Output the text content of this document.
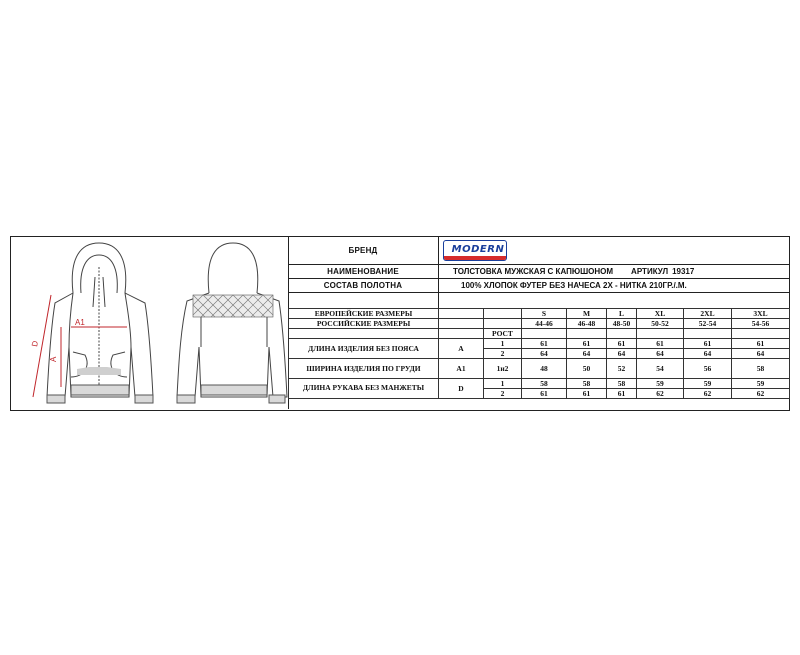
A1
D
A
БРЕНД	MODERN
НАИМЕНОВАНИЕ	ТОЛСТОВКА МУЖСКАЯ С КАПЮШОНОМ АРТИКУЛ 19317
СОСТАВ ПОЛОТНА	100% ХЛОПОК ФУТЕР БЕЗ НАЧЕСА 2Х - НИТКА 210ГР./.М.
ЕВРОПЕЙСКИЕ РАЗМЕРЫ			S	M	L	XL	2XL	3XL
РОССИЙСКИЕ РАЗМЕРЫ			44-46	46-48	48-50	50-52	52-54	54-56
		РОСТ						
ДЛИНА ИЗДЕЛИЯ БЕЗ ПОЯСА	A	1	61	61	61	61	61	61
		2	64	64	64	64	64	64
ШИРИНА ИЗДЕЛИЯ ПО ГРУДИ	A1	1и2	48	50	52	54	56	58
ДЛИНА РУКАВА БЕЗ МАНЖЕТЫ	D	1	58	58	58	59	59	59
		2	61	61	61	62	62	62
